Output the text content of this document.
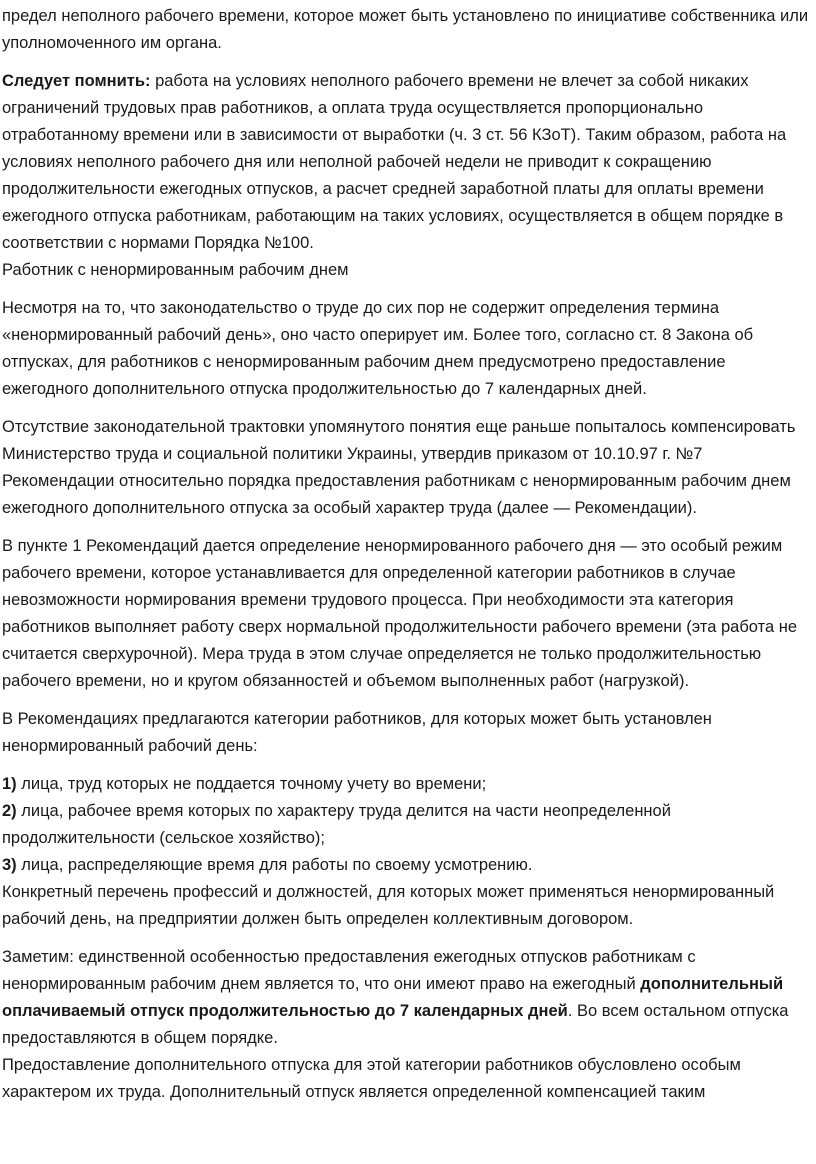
предел неполного рабочего времени, которое может быть установлено по инициативе собственника или уполномоченного им органа.

Следует помнить: работа на условиях неполного рабочего времени не влечет за собой никаких ограничений трудовых прав работников, а оплата труда осуществляется пропорционально отработанному времени или в зависимости от выработки (ч. 3 ст. 56 КЗоТ). Таким образом, работа на условиях неполного рабочего дня или неполной рабочей недели не приводит к сокращению продолжительности ежегодных отпусков, а расчет средней заработной платы для оплаты времени ежегодного отпуска работникам, работающим на таких условиях, осуществляется в общем порядке в соответствии с нормами Порядка №100.

Работник с ненормированным рабочим днем

Несмотря на то, что законодательство о труде до сих пор не содержит определения термина «ненормированный рабочий день», оно часто оперирует им. Более того, согласно ст. 8 Закона об отпусках, для работников с ненормированным рабочим днем предусмотрено предоставление ежегодного дополнительного отпуска продолжительностью до 7 календарных дней.

Отсутствие законодательной трактовки упомянутого понятия еще раньше попыталось компенсировать Министерство труда и социальной политики Украины, утвердив приказом от 10.10.97 г. №7 Рекомендации относительно порядка предоставления работникам с ненормированным рабочим днем ежегодного дополнительного отпуска за особый характер труда (далее — Рекомендации).

В пункте 1 Рекомендаций дается определение ненормированного рабочего дня — это особый режим рабочего времени, которое устанавливается для определенной категории работников в случае невозможности нормирования времени трудового процесса. При необходимости эта категория работников выполняет работу сверх нормальной продолжительности рабочего времени (эта работа не считается сверхурочной). Мера труда в этом случае определяется не только продолжительностью рабочего времени, но и кругом обязанностей и объемом выполненных работ (нагрузкой).

В Рекомендациях предлагаются категории работников, для которых может быть установлен ненормированный рабочий день:

1) лица, труд которых не поддается точному учету во времени;

2) лица, рабочее время которых по характеру труда делится на части неопределенной продолжительности (сельское хозяйство);

3) лица, распределяющие время для работы по своему усмотрению.

Конкретный перечень профессий и должностей, для которых может применяться ненормированный рабочий день, на предприятии должен быть определен коллективным договором.

Заметим: единственной особенностью предоставления ежегодных отпусков работникам с ненормированным рабочим днем является то, что они имеют право на ежегодный дополнительный оплачиваемый отпуск продолжительностью до 7 календарных дней. Во всем остальном отпуска предоставляются в общем порядке.

Предоставление дополнительного отпуска для этой категории работников обусловлено особым характером их труда. Дополнительный отпуск является определенной компенсацией таким
